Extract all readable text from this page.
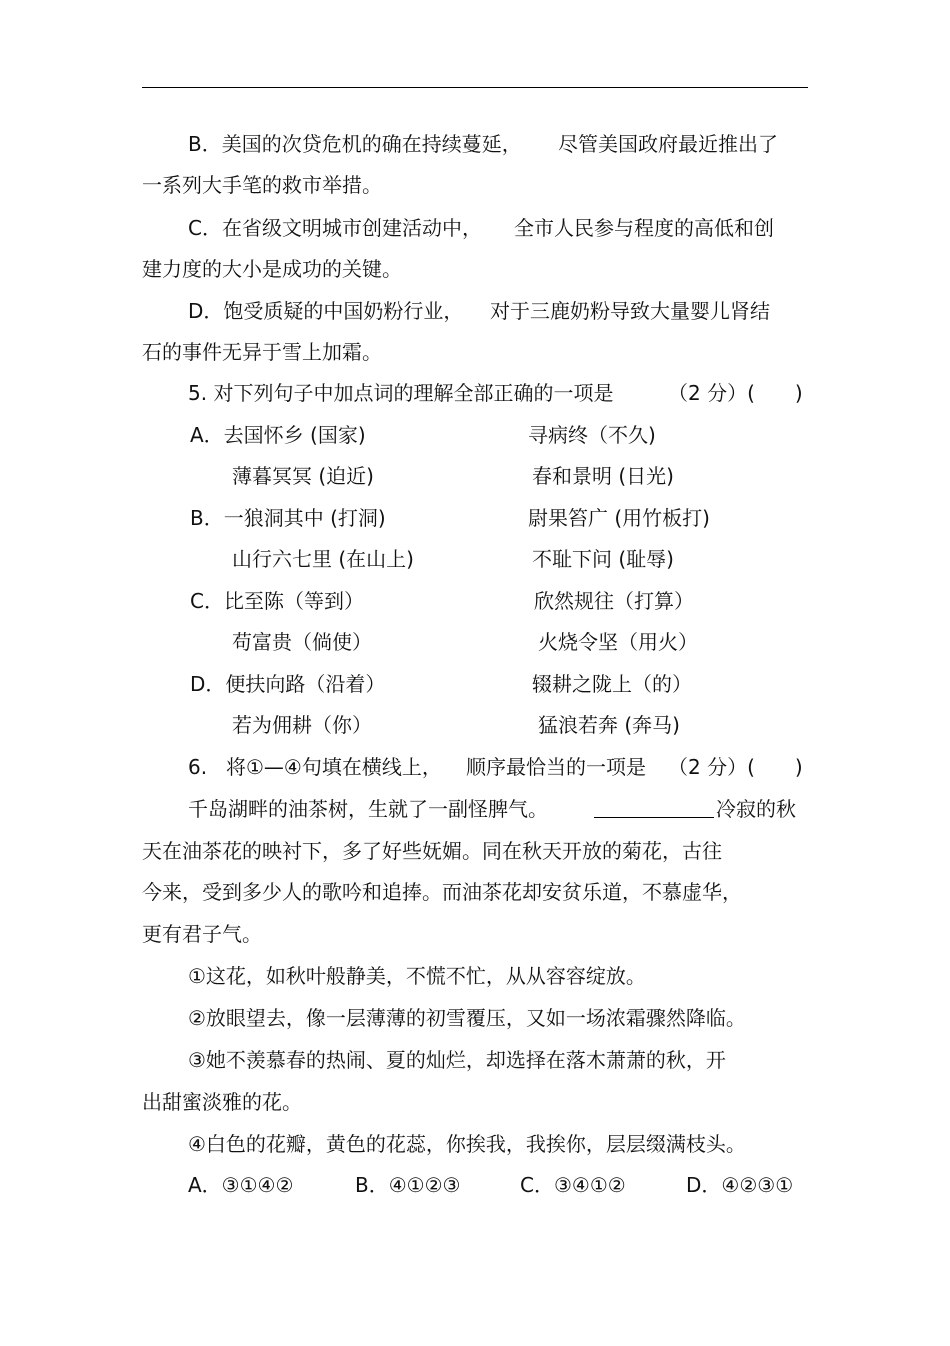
B．美国的次贷危机的确在持续蔓延， 尽管美国政府最近推出了
一系列大手笔的救市举措。
C．在省级文明城市创建活动中， 全市人民参与程度的高低和创
建力度的大小是成功的关键。
D．饱受质疑的中国奶粉行业， 对于三鹿奶粉导致大量婴儿肾结
石的事件无异于雪上加霜。
5. 对下列句子中加点词的理解全部正确的一项是	（2 分）(　　)
A．去国怀乡 (国家)	寻病终（不久)
薄暮冥冥 (迫近)	春和景明 (日光)
B．一狼洞其中 (打洞)	尉果笞广 (用竹板打)
山行六七里 (在山上)	不耻下问 (耻辱)
C．比至陈（等到）	欣然规往（打算）
苟富贵（倘使）	火烧令坚（用火）
D．便扶向路（沿着）	辍耕之陇上（的）
若为佣耕（你）	猛浪若奔 (奔马)
6. 将①—④句填在横线上， 顺序最恰当的一项是 （2 分）(　　)
千岛湖畔的油茶树，生就了一副怪脾气。	冷寂的秋
天在油茶花的映衬下，多了好些妩媚。同在秋天开放的菊花，古往
今来，受到多少人的歌吟和追捧。而油茶花却安贫乐道，不慕虚华，
更有君子气。
①这花，如秋叶般静美，不慌不忙，从从容容绽放。
②放眼望去，像一层薄薄的初雪覆压，又如一场浓霜骤然降临。
③她不羡慕春的热闹、夏的灿烂，却选择在落木萧萧的秋，开
出甜蜜淡雅的花。
④白色的花瓣，黄色的花蕊，你挨我，我挨你，层层缀满枝头。
A．③①④②	B．④①②③	C．③④①②	D．④②③①
